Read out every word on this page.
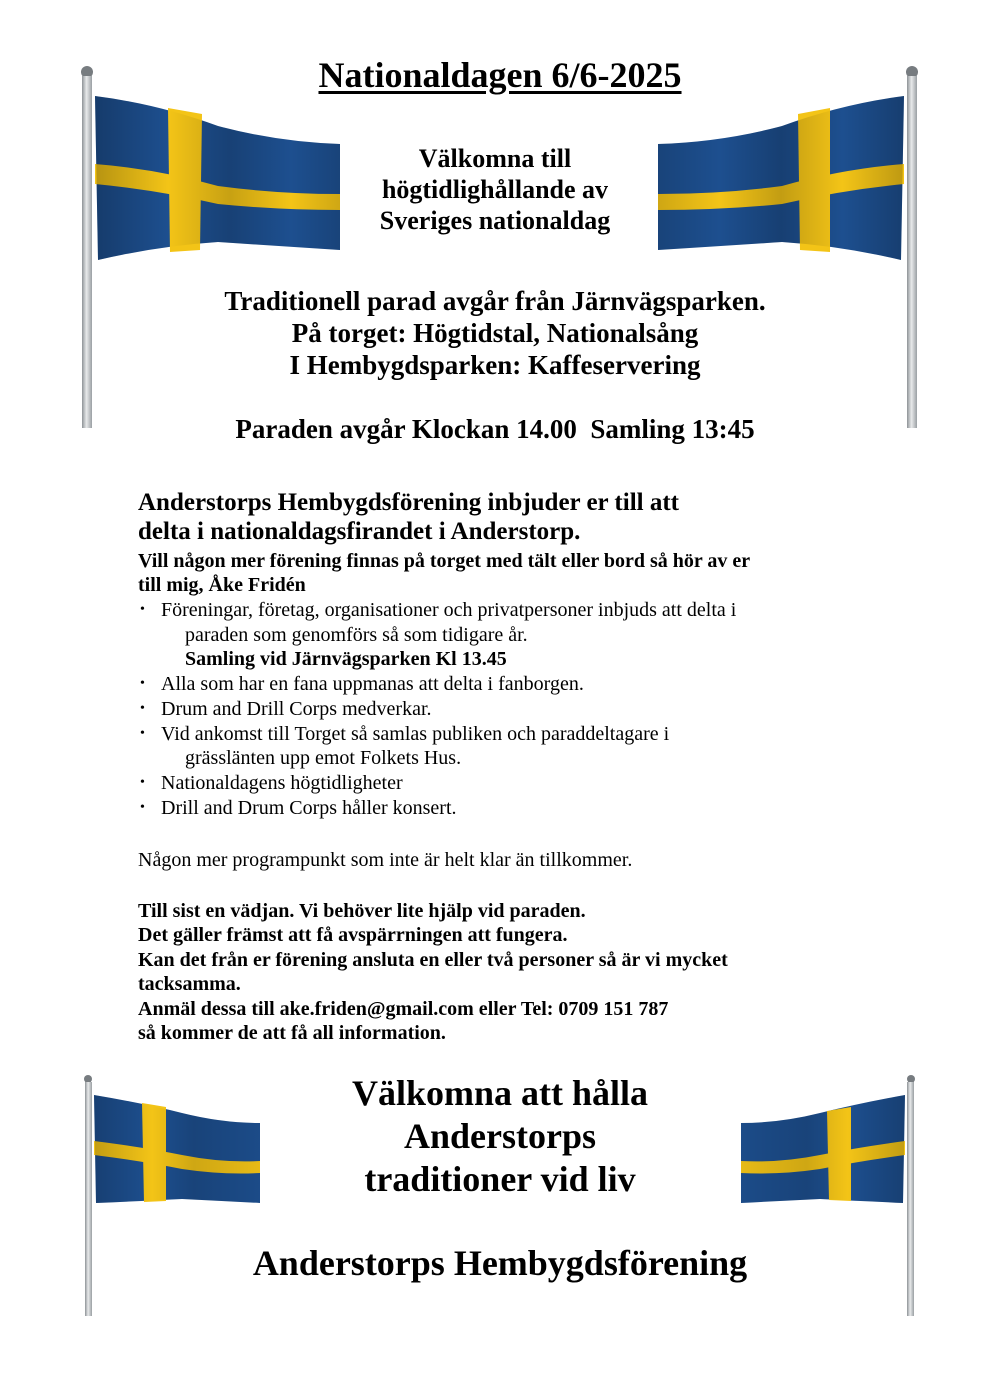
Nationaldagen 6/6-2025
Välkomna till
högtidlighållande av
Sveriges nationaldag
Traditionell parad avgår från Järnvägsparken.
På torget: Högtidstal, Nationalsång
I Hembygdsparken: Kaffeservering
Paraden avgår Klockan 14.00  Samling 13:45
Anderstorps Hembygdsförening inbjuder er till att
delta i nationaldagsfirandet i Anderstorp.
Vill någon mer förening finnas på torget med tält eller bord så hör av er
till mig, Åke Fridén
• Föreningar, företag, organisationer och privatpersoner inbjuds att delta i
paraden som genomförs så som tidigare år.
Samling vid Järnvägsparken Kl 13.45
• Alla som har en fana uppmanas att delta i fanborgen.
• Drum and Drill Corps medverkar.
• Vid ankomst till Torget så samlas publiken och paraddeltagare i
grässlänten upp emot Folkets Hus.
• Nationaldagens högtidligheter
• Drill and Drum Corps håller konsert.
Någon mer programpunkt som inte är helt klar än tillkommer.
Till sist en vädjan. Vi behöver lite hjälp vid paraden.
Det gäller främst att få avspärrningen att fungera.
Kan det från er förening ansluta en eller två personer så är vi mycket
tacksamma.
Anmäl dessa till ake.friden@gmail.com eller Tel: 0709 151 787
så kommer de att få all information.
Välkomna att hålla
Anderstorps
traditioner vid liv
Anderstorps Hembygdsförening
